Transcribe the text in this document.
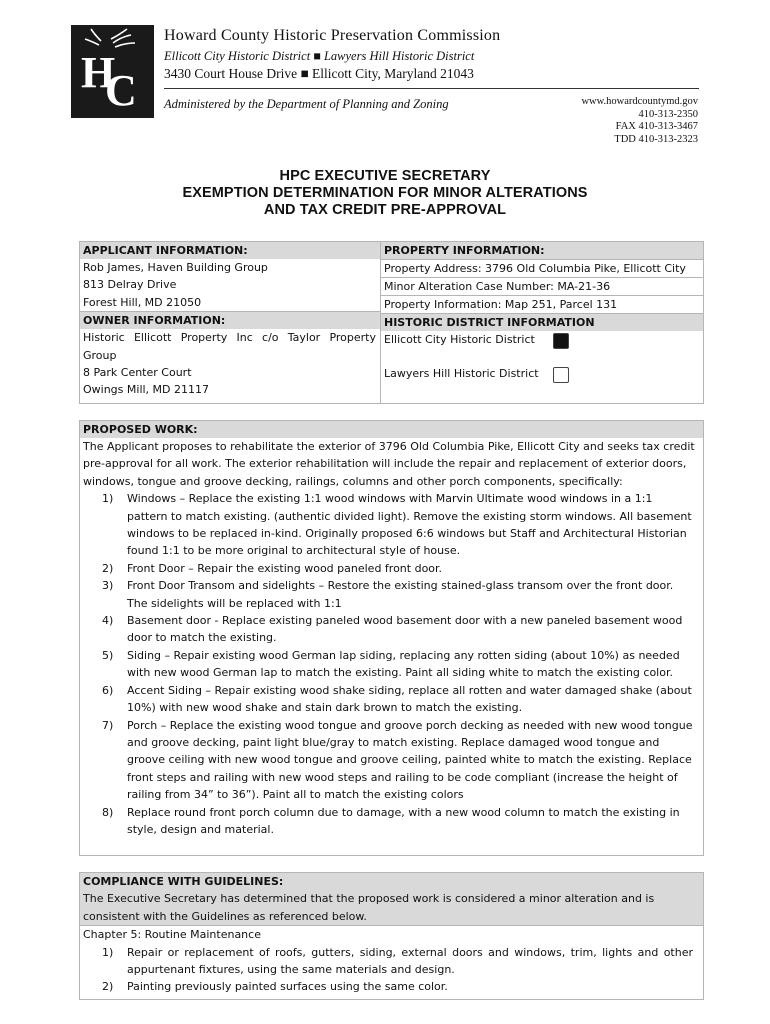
H
C
Howard County Historic Preservation Commission
Ellicott City Historic District ■ Lawyers Hill Historic District
3430 Court House Drive ■ Ellicott City, Maryland 21043
Administered by the Department of Planning and Zoning	www.howardcountymd.gov
410-313-2350
FAX 410-313-3467
TDD 410-313-2323
HPC EXECUTIVE SECRETARY
EXEMPTION DETERMINATION FOR MINOR ALTERATIONS
AND TAX CREDIT PRE-APPROVAL
APPLICANT INFORMATION:
Rob James, Haven Building Group
813 Delray Drive
Forest Hill, MD 21050
OWNER INFORMATION:
Historic Ellicott Property Inc c/o Taylor Property Group
8 Park Center Court
Owings Mill, MD 21117
PROPERTY INFORMATION:
Property Address: 3796 Old Columbia Pike, Ellicott City
Minor Alteration Case Number: MA-21-36
Property Information: Map 251, Parcel 131
HISTORIC DISTRICT INFORMATION
Ellicott City Historic District
Lawyers Hill Historic District
PROPOSED WORK:

The Applicant proposes to rehabilitate the exterior of 3796 Old Columbia Pike, Ellicott City and seeks tax credit pre-approval for all work. The exterior rehabilitation will include the repair and replacement of exterior doors, windows, tongue and groove decking, railings, columns and other porch components, specifically:

1) Windows – Replace the existing 1:1 wood windows with Marvin Ultimate wood windows in a 1:1 pattern to match existing. (authentic divided light). Remove the existing storm windows. All basement windows to be replaced in-kind. Originally proposed 6:6 windows but Staff and Architectural Historian found 1:1 to be more original to architectural style of house.
2) Front Door – Repair the existing wood paneled front door.
3) Front Door Transom and sidelights – Restore the existing stained-glass transom over the front door. The sidelights will be replaced with 1:1
4) Basement door - Replace existing paneled wood basement door with a new paneled basement wood door to match the existing.
5) Siding – Repair existing wood German lap siding, replacing any rotten siding (about 10%) as needed with new wood German lap to match the existing. Paint all siding white to match the existing color.
6) Accent Siding – Repair existing wood shake siding, replace all rotten and water damaged shake (about 10%) with new wood shake and stain dark brown to match the existing.
7) Porch – Replace the existing wood tongue and groove porch decking as needed with new wood tongue and groove decking, paint light blue/gray to match existing. Replace damaged wood tongue and groove ceiling with new wood tongue and groove ceiling, painted white to match the existing. Replace front steps and railing with new wood steps and railing to be code compliant (increase the height of railing from 34” to 36”). Paint all to match the existing colors
8) Replace round front porch column due to damage, with a new wood column to match the existing in style, design and material.
COMPLIANCE WITH GUIDELINES:
The Executive Secretary has determined that the proposed work is considered a minor alteration and is consistent with the Guidelines as referenced below.
Chapter 5: Routine Maintenance
1) Repair or replacement of roofs, gutters, siding, external doors and windows, trim, lights and other appurtenant fixtures, using the same materials and design.
2) Painting previously painted surfaces using the same color.
